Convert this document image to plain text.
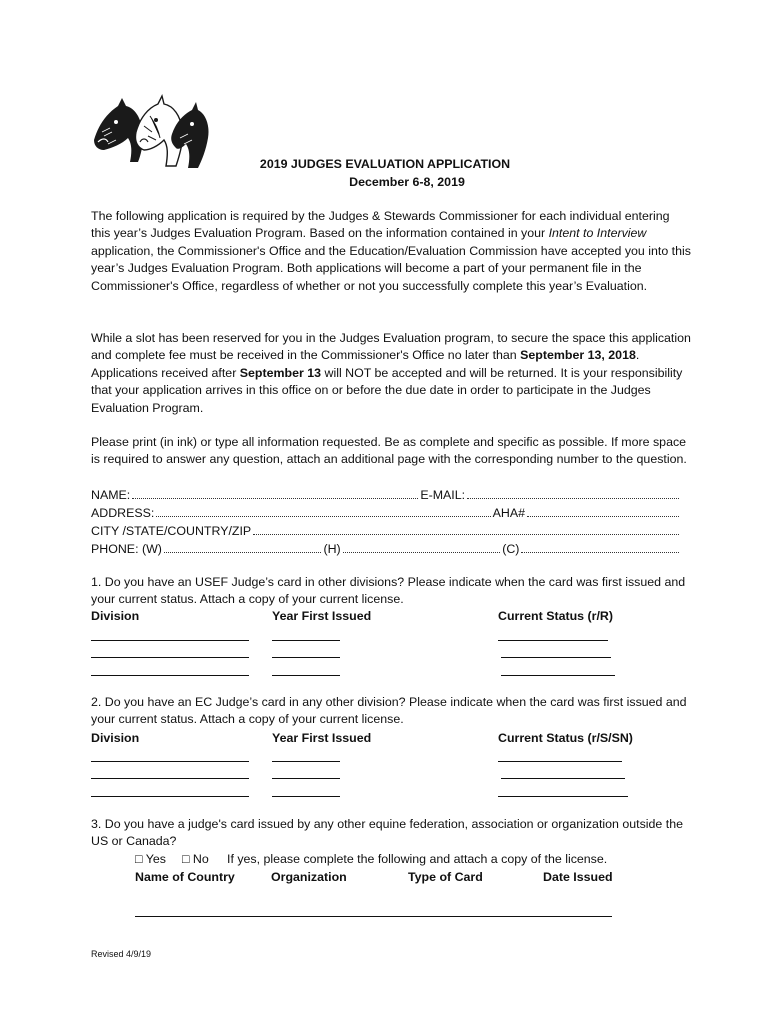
2019 JUDGES EVALUATION APPLICATION
December 6-8, 2019

The following application is required by the Judges & Stewards Commissioner for each individual entering this year’s Judges Evaluation Program. Based on the information contained in your Intent to Interview application, the Commissioner's Office and the Education/Evaluation Commission have accepted you into this year’s Judges Evaluation Program. Both applications will become a part of your permanent file in the Commissioner's Office, regardless of whether or not you successfully complete this year’s Evaluation.

While a slot has been reserved for you in the Judges Evaluation program, to secure the space this application and complete fee must be received in the Commissioner's Office no later than September 13, 2018. Applications received after September 13 will NOT be accepted and will be returned. It is your responsibility that your application arrives in this office on or before the due date in order to participate in the Judges Evaluation Program.

Please print (in ink) or type all information requested. Be as complete and specific as possible. If more space is required to answer any question, attach an additional page with the corresponding number to the question.

NAME:	E-MAIL:
ADDRESS:	AHA#
CITY /STATE/COUNTRY/ZIP
PHONE: (W)	(H)	(C)

1. Do you have an USEF Judge’s card in other divisions? Please indicate when the card was first issued and your current status. Attach a copy of your current license.

Division	Year First Issued	Current Status (r/R)

2. Do you have an EC Judge’s card in any other division? Please indicate when the card was first issued and your current status. Attach a copy of your current license.

Division	Year First Issued	Current Status (r/S/SN)

3. Do you have a judge's card issued by any other equine federation, association or organization outside the US or Canada?

□ Yes □ No If yes, please complete the following and attach a copy of the license.
Name of Country	Organization	Type of Card	Date Issued
Revised 4/9/19
